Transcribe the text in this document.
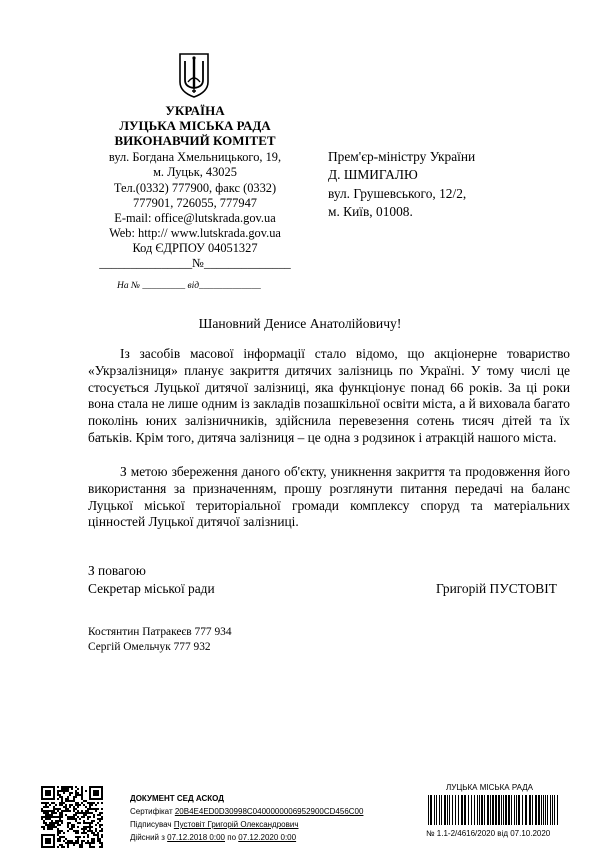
УКРАЇНА
ЛУЦЬКА МІСЬКА РАДА
ВИКОНАВЧИЙ КОМІТЕТ
вул. Богдана Хмельницького, 19,
м. Луцьк, 43025
Тел.(0332) 777900, факс (0332)
777901, 726055, 777947
E-mail: office@lutskrada.gov.ua
Web: http:// www.lutskrada.gov.ua
Код ЄДРПОУ 04051327
_______________№______________
На № _________ від_____________
Прем'єр-міністру України
Д. ШМИГАЛЮ
вул. Грушевського, 12/2,
м. Київ, 01008.
Шановний Денисе Анатолійовичу!

Із засобів масової інформації стало відомо, що акціонерне товариство «Укрзалізниця» планує закриття дитячих залізниць по Україні. У тому числі це стосується Луцької дитячої залізниці, яка функціонує понад 66 років. За ці роки вона стала не лише одним із закладів позашкільної освіти міста, а й виховала багато поколінь юних залізничників, здійснила перевезення сотень тисяч дітей та їх батьків. Крім того, дитяча залізниця – це одна з родзинок і атракцій нашого міста.

З метою збереження даного об'єкту, уникнення закриття та продовження його використання за призначенням, прошу розглянути питання передачі на баланс Луцької міської територіальної громади комплексу споруд та матеріальних цінностей Луцької дитячої залізниці.

З повагою
Секретар міської ради	Григорій ПУСТОВІТ
Костянтин Патракеєв 777 934
Сергій Омельчук 777 932
ДОКУМЕНТ СЕД АСКОД
Сертифікат 20B4E4ED0D30998C0400000006952900CD456C00
Підписувач Пустовіт Григорій Олександрович
Дійсний з 07.12.2018 0:00 по 07.12.2020 0:00
ЛУЦЬКА МІСЬКА РАДА
№ 1.1-2/4616/2020 від 07.10.2020
